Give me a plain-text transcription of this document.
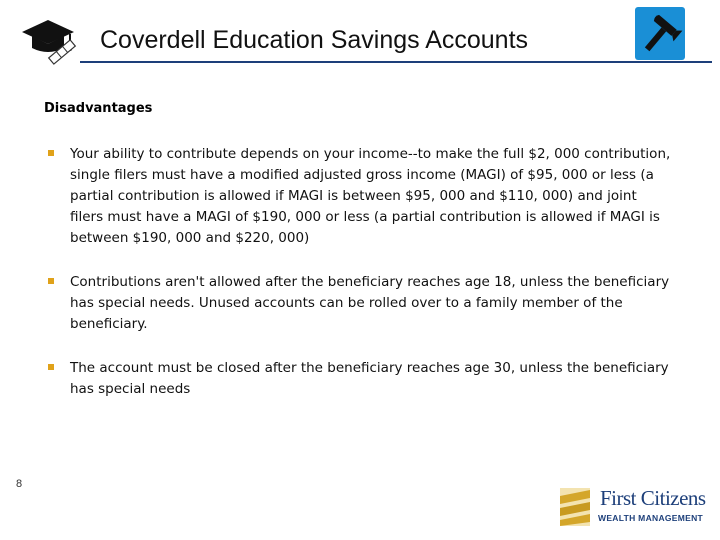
Coverdell Education Savings Accounts
Disadvantages
Your ability to contribute depends on your income--to make the full $2, 000 contribution, single filers must have a modified adjusted gross income (MAGI) of $95, 000 or less (a partial contribution is allowed if MAGI is between $95, 000 and $110, 000) and joint filers must have a MAGI of $190, 000 or less (a partial contribution is allowed if MAGI is between $190, 000 and $220, 000)
Contributions aren't allowed after the beneficiary reaches age 18, unless the beneficiary has special needs. Unused accounts can be rolled over to a family member of the beneficiary.
The account must be closed after the beneficiary reaches age 30, unless the beneficiary has special needs
8
First Citizens
WEALTH MANAGEMENT
